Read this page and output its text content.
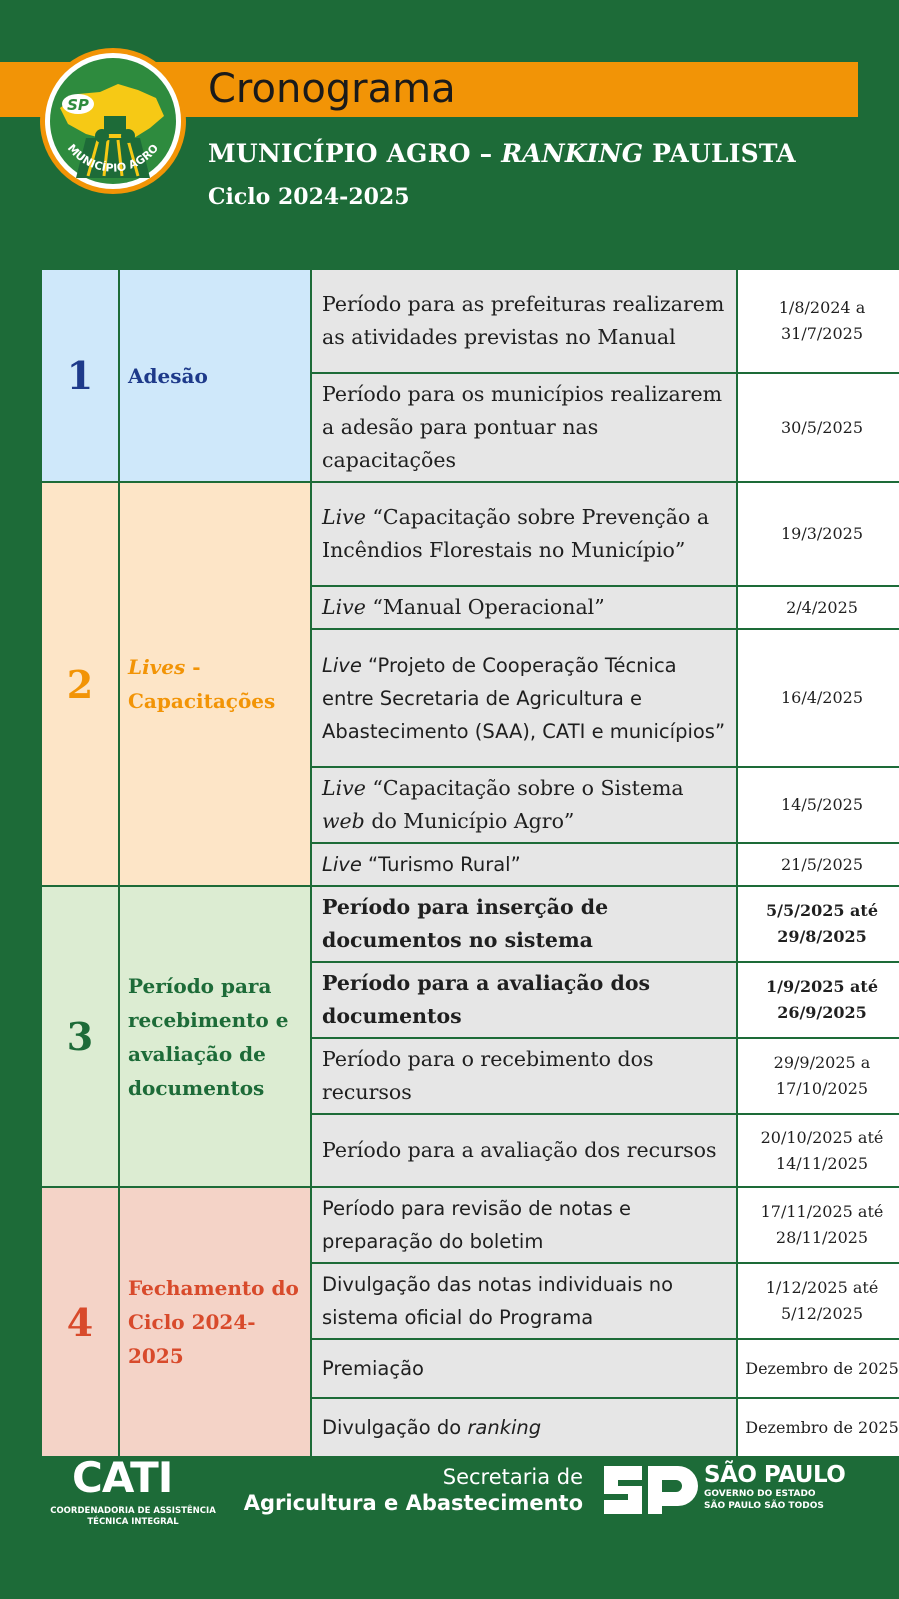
SP
MUNICÍPIO AGRO
Cronograma
MUNICÍPIO AGRO – RANKING PAULISTA
Ciclo 2024-2025
1	Adesão	Período para as prefeituras realizarem as atividades previstas no Manual	1/8/2024 a 31/7/2025
		Período para os municípios realizarem a adesão para pontuar nas capacitações	30/5/2025
2	Lives - Capacitações	Live “Capacitação sobre Prevenção a Incêndios Florestais no Município”	19/3/2025
		Live “Manual Operacional”	2/4/2025
		Live “Projeto de Cooperação Técnica entre Secretaria de Agricultura e Abastecimento (SAA), CATI e municípios”	16/4/2025
		Live “Capacitação sobre o Sistema web do Município Agro”	14/5/2025
		Live “Turismo Rural”	21/5/2025
3	Período para recebimento e avaliação de documentos	Período para inserção de documentos no sistema	5/5/2025 até 29/8/2025
		Período para a avaliação dos documentos	1/9/2025 até 26/9/2025
		Período para o recebimento dos recursos	29/9/2025 a 17/10/2025
		Período para a avaliação dos recursos	20/10/2025 até 14/11/2025
4	Fechamento do Ciclo 2024-2025	Período para revisão de notas e preparação do boletim	17/11/2025 até 28/11/2025
		Divulgação das notas individuais no sistema oficial do Programa	1/12/2025 até 5/12/2025
		Premiação	Dezembro de 2025
		Divulgação do ranking	Dezembro de 2025
CATI
COORDENADORIA DE ASSISTÊNCIA
TÉCNICA INTEGRAL
Secretaria de
Agricultura e Abastecimento
SÃO PAULO
GOVERNO DO ESTADO
SÃO PAULO SÃO TODOS
